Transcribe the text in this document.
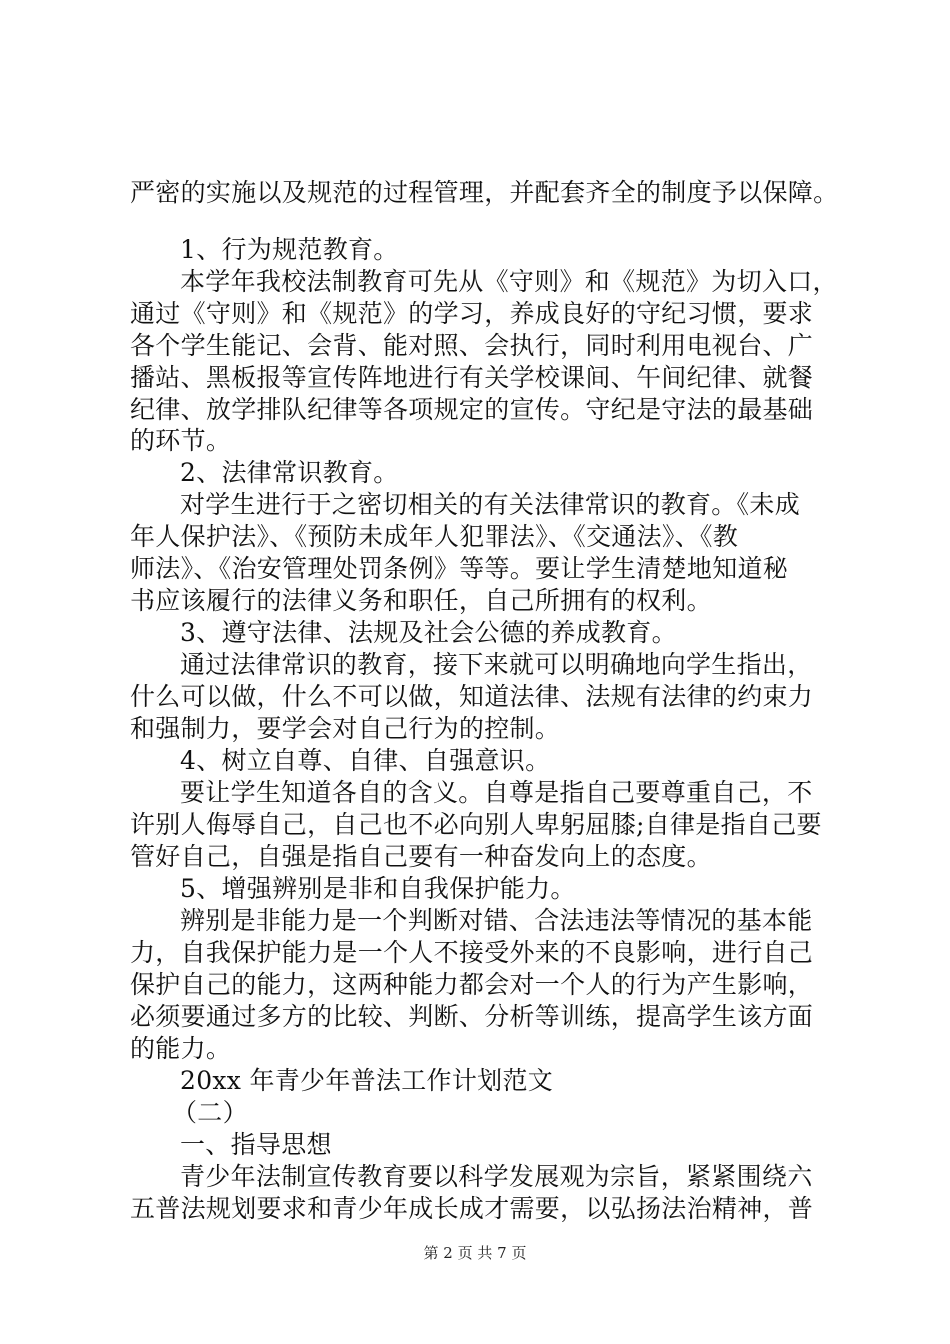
严密的实施以及规范的过程管理，并配套齐全的制度予以保障。
1、行为规范教育。
本学年我校法制教育可先从《守则》和《规范》为切入口，
通过《守则》和《规范》的学习，养成良好的守纪习惯，要求
各个学生能记、会背、能对照、会执行，同时利用电视台、广
播站、黑板报等宣传阵地进行有关学校课间、午间纪律、就餐
纪律、放学排队纪律等各项规定的宣传。守纪是守法的最基础
的环节。
2、法律常识教育。
对学生进行于之密切相关的有关法律常识的教育。《未成
年人保护法》、《预防未成年人犯罪法》、《交通法》、《教
师法》、《治安管理处罚条例》等等。要让学生清楚地知道秘
书应该履行的法律义务和职任，自己所拥有的权利。
3、遵守法律、法规及社会公德的养成教育。
通过法律常识的教育，接下来就可以明确地向学生指出，
什么可以做，什么不可以做，知道法律、法规有法律的约束力
和强制力，要学会对自己行为的控制。
4、树立自尊、自律、自强意识。
要让学生知道各自的含义。自尊是指自己要尊重自己，不
许别人侮辱自己，自己也不必向别人卑躬屈膝;自律是指自己要
管好自己，自强是指自己要有一种奋发向上的态度。
5、增强辨别是非和自我保护能力。
辨别是非能力是一个判断对错、合法违法等情况的基本能
力，自我保护能力是一个人不接受外来的不良影响，进行自己
保护自己的能力，这两种能力都会对一个人的行为产生影响，
必须要通过多方的比较、判断、分析等训练，提高学生该方面
的能力。
20xx 年青少年普法工作计划范文
（二）
一、指导思想
青少年法制宣传教育要以科学发展观为宗旨，紧紧围绕六
五普法规划要求和青少年成长成才需要，以弘扬法治精神，普
第 2 页 共 7 页
